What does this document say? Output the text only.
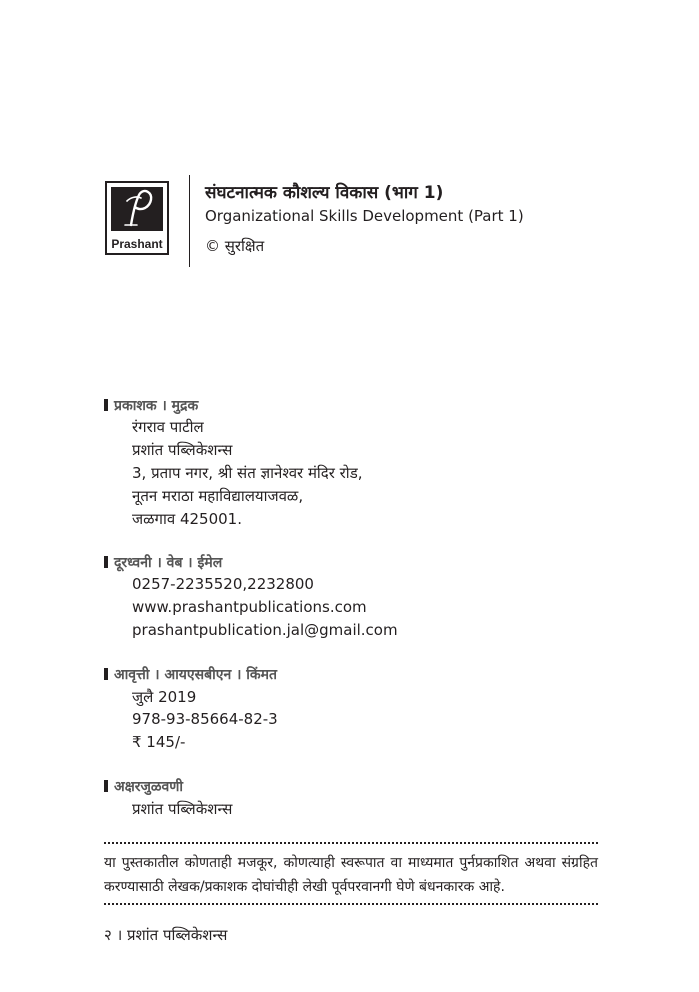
Prashant
संघटनात्मक कौशल्य विकास (भाग 1)
Organizational Skills Development (Part 1)
© सुरक्षित
प्रकाशक । मुद्रक
रंगराव पाटील
प्रशांत पब्लिकेशन्स
3, प्रताप नगर, श्री संत ज्ञानेश्वर मंदिर रोड,
नूतन मराठा महाविद्यालयाजवळ,
जळगाव 425001.
दूरध्वनी । वेब । ईमेल
0257-2235520,2232800
www.prashantpublications.com
prashantpublication.jal@gmail.com
आवृत्ती । आयएसबीएन । किंमत
जुलै 2019
978-93-85664-82-3
₹ 145/-
अक्षरजुळवणी
प्रशांत पब्लिकेशन्स
या पुस्तकातील कोणताही मजकूर, कोणत्याही स्वरूपात वा माध्यमात पुर्नप्रकाशित अथवा संग्रहित करण्यासाठी लेखक/प्रकाशक दोघांचीही लेखी पूर्वपरवानगी घेणे बंधनकारक आहे.
२ । प्रशांत पब्लिकेशन्स
